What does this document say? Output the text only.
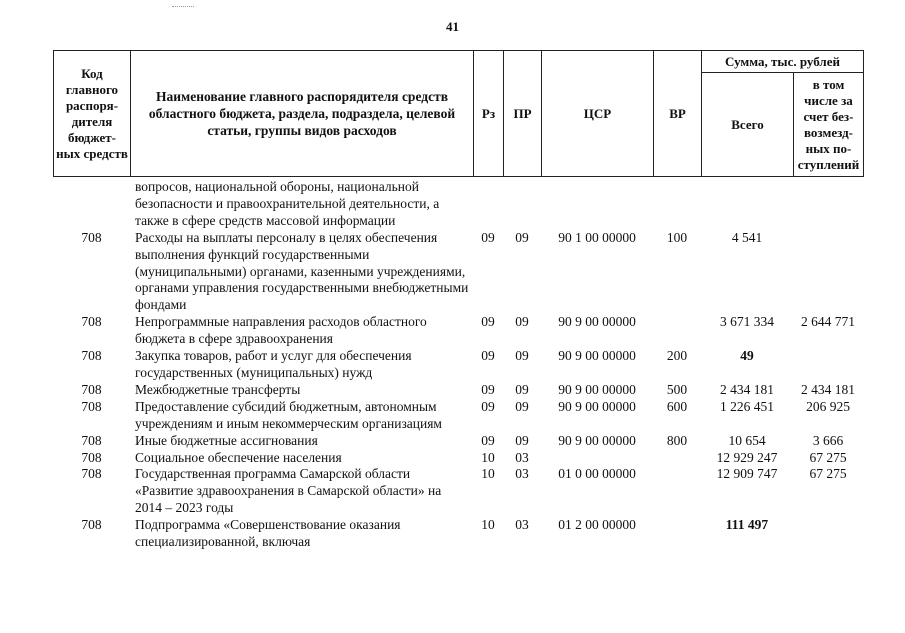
41
Код главного распоря-дителя бюджет-ных средств	Наименование главного распорядителя средств областного бюджета, раздела, подраздела, целевой статьи, группы видов расходов	Рз	ПР	ЦСР	ВР	Сумма, тыс. рублей	
						Всего	в том числе за счет без-возмезд-ных по-ступлений
	вопросов, национальной обороны, национальной безопасности и правоохранительной деятельности, а также в сфере средств массовой информации						
708	Расходы на выплаты персоналу в целях обеспечения выполнения функций государственными (муниципальными) органами, казенными учреждениями, органами управления государственными внебюджетными фондами	09	09	90 1 00 00000	100	4 541	
708	Непрограммные направления расходов областного бюджета в сфере здравоохранения	09	09	90 9 00 00000		3 671 334	2 644 771
708	Закупка товаров, работ и услуг для обеспечения государственных (муниципальных) нужд	09	09	90 9 00 00000	200	49	
708	Межбюджетные трансферты	09	09	90 9 00 00000	500	2 434 181	2 434 181
708	Предоставление субсидий бюджетным, автономным учреждениям и иным некоммерческим организациям	09	09	90 9 00 00000	600	1 226 451	206 925
708	Иные бюджетные ассигнования	09	09	90 9 00 00000	800	10 654	3 666
708	Социальное обеспечение населения	10	03			12 929 247	67 275
708	Государственная программа Самарской области «Развитие здравоохранения в Самарской области» на 2014 – 2023 годы	10	03	01 0 00 00000		12 909 747	67 275
708	Подпрограмма «Совершенствование оказания специализированной, включая	10	03	01 2 00 00000		111 497	
